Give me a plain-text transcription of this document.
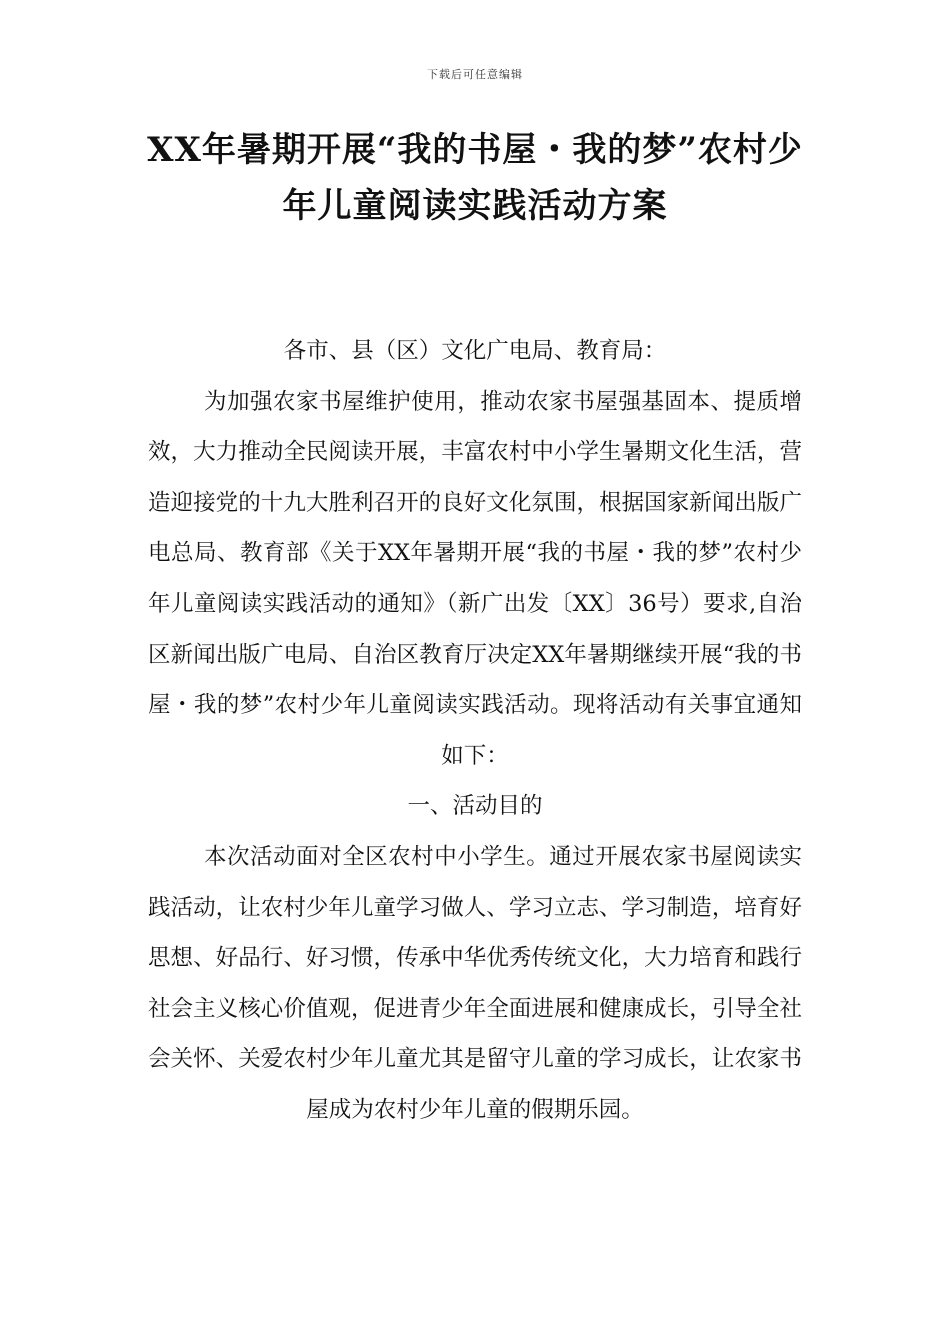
下载后可任意编辑
XX年暑期开展“我的书屋・我的梦”农村少年儿童阅读实践活动方案

各市、县（区）文化广电局、教育局：

为加强农家书屋维护使用，推动农家书屋强基固本、提质增效，大力推动全民阅读开展，丰富农村中小学生暑期文化生活，营造迎接党的十九大胜利召开的良好文化氛围，根据国家新闻出版广电总局、教育部《关于XX年暑期开展“我的书屋・我的梦”农村少年儿童阅读实践活动的通知》（新广出发〔XX〕36号）要求,自治区新闻出版广电局、自治区教育厅决定XX年暑期继续开展“我的书屋・我的梦”农村少年儿童阅读实践活动。现将活动有关事宜通知如下：

一、活动目的

本次活动面对全区农村中小学生。通过开展农家书屋阅读实践活动，让农村少年儿童学习做人、学习立志、学习制造，培育好思想、好品行、好习惯，传承中华优秀传统文化，大力培育和践行社会主义核心价值观，促进青少年全面进展和健康成长，引导全社会关怀、关爱农村少年儿童尤其是留守儿童的学习成长，让农家书屋成为农村少年儿童的假期乐园。
